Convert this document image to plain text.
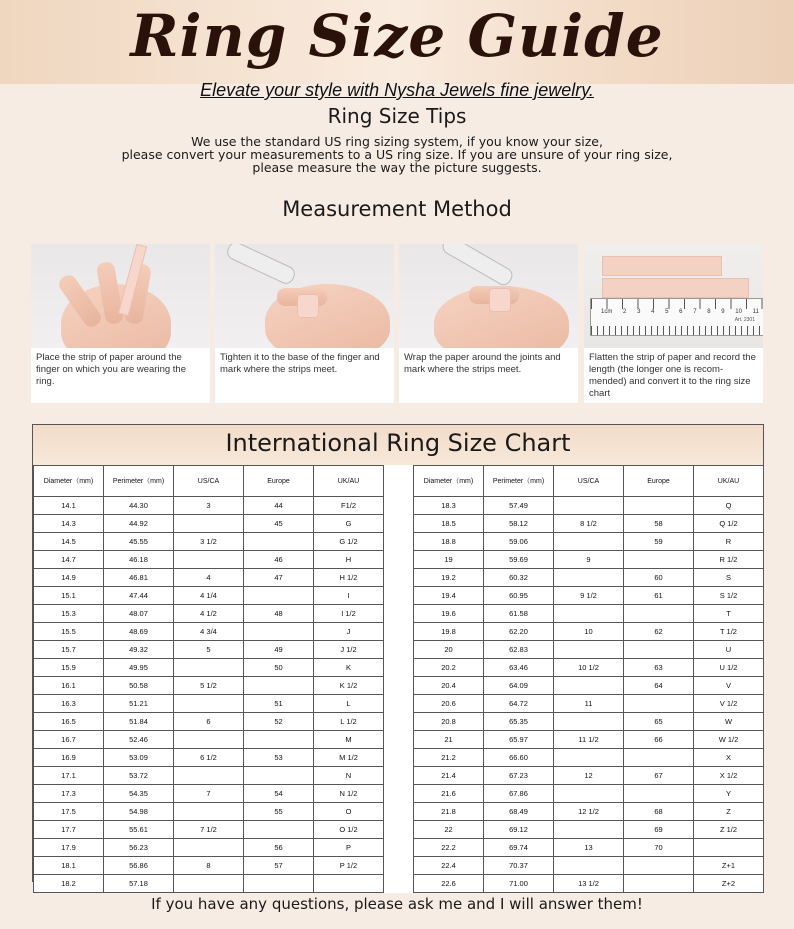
Ring Size Guide
Elevate your style with Nysha Jewels fine jewelry.
Ring Size Tips
We use the standard US ring sizing system, if you know your size,
please convert your measurements to a US ring size. If you are unsure of your ring size,
please measure the way the picture suggests.
Measurement Method
Place the strip of paper around the finger on which you are wearing the ring.
Tighten it to the base of the finger and mark where the strips meet.
Wrap the paper around the joints and mark where the strips meet.
1cm 2 3 4 5 6 7 8 9 10 11
Art. 2301
Flatten the strip of paper and record the length (the longer one is recom-mended) and convert it to the ring size chart
International Ring Size Chart
Diameter（mm)	Perimeter（mm)	US/CA	Europe	UK/AU		Diameter（mm)	Perimeter（mm)	US/CA	Europe	UK/AU
14.1	44.30	3	44	F1/2		18.3	57.49			Q
14.3	44.92		45	G		18.5	58.12	8 1/2	58	Q 1/2
14.5	45.55	3 1/2		G 1/2		18.8	59.06		59	R
14.7	46.18		46	H		19	59.69	9		R 1/2
14.9	46.81	4	47	H 1/2		19.2	60.32		60	S
15.1	47.44	4 1/4		I		19.4	60.95	9 1/2	61	S 1/2
15.3	48.07	4 1/2	48	I 1/2		19.6	61.58			T
15.5	48.69	4 3/4		J		19.8	62.20	10	62	T 1/2
15.7	49.32	5	49	J 1/2		20	62.83			U
15.9	49.95		50	K		20.2	63.46	10 1/2	63	U 1/2
16.1	50.58	5 1/2		K 1/2		20.4	64.09		64	V
16.3	51.21		51	L		20.6	64.72	11		V 1/2
16.5	51.84	6	52	L 1/2		20.8	65.35		65	W
16.7	52.46			M		21	65.97	11 1/2	66	W 1/2
16.9	53.09	6 1/2	53	M 1/2		21.2	66.60			X
17.1	53.72			N		21.4	67.23	12	67	X 1/2
17.3	54.35	7	54	N 1/2		21.6	67.86			Y
17.5	54.98		55	O		21.8	68.49	12 1/2	68	Z
17.7	55.61	7 1/2		O 1/2		22	69.12		69	Z 1/2
17.9	56.23		56	P		22.2	69.74	13	70	
18.1	56.86	8	57	P 1/2		22.4	70.37			Z+1
18.2	57.18					22.6	71.00	13 1/2		Z+2
If you have any questions, please ask me and I will answer them!
